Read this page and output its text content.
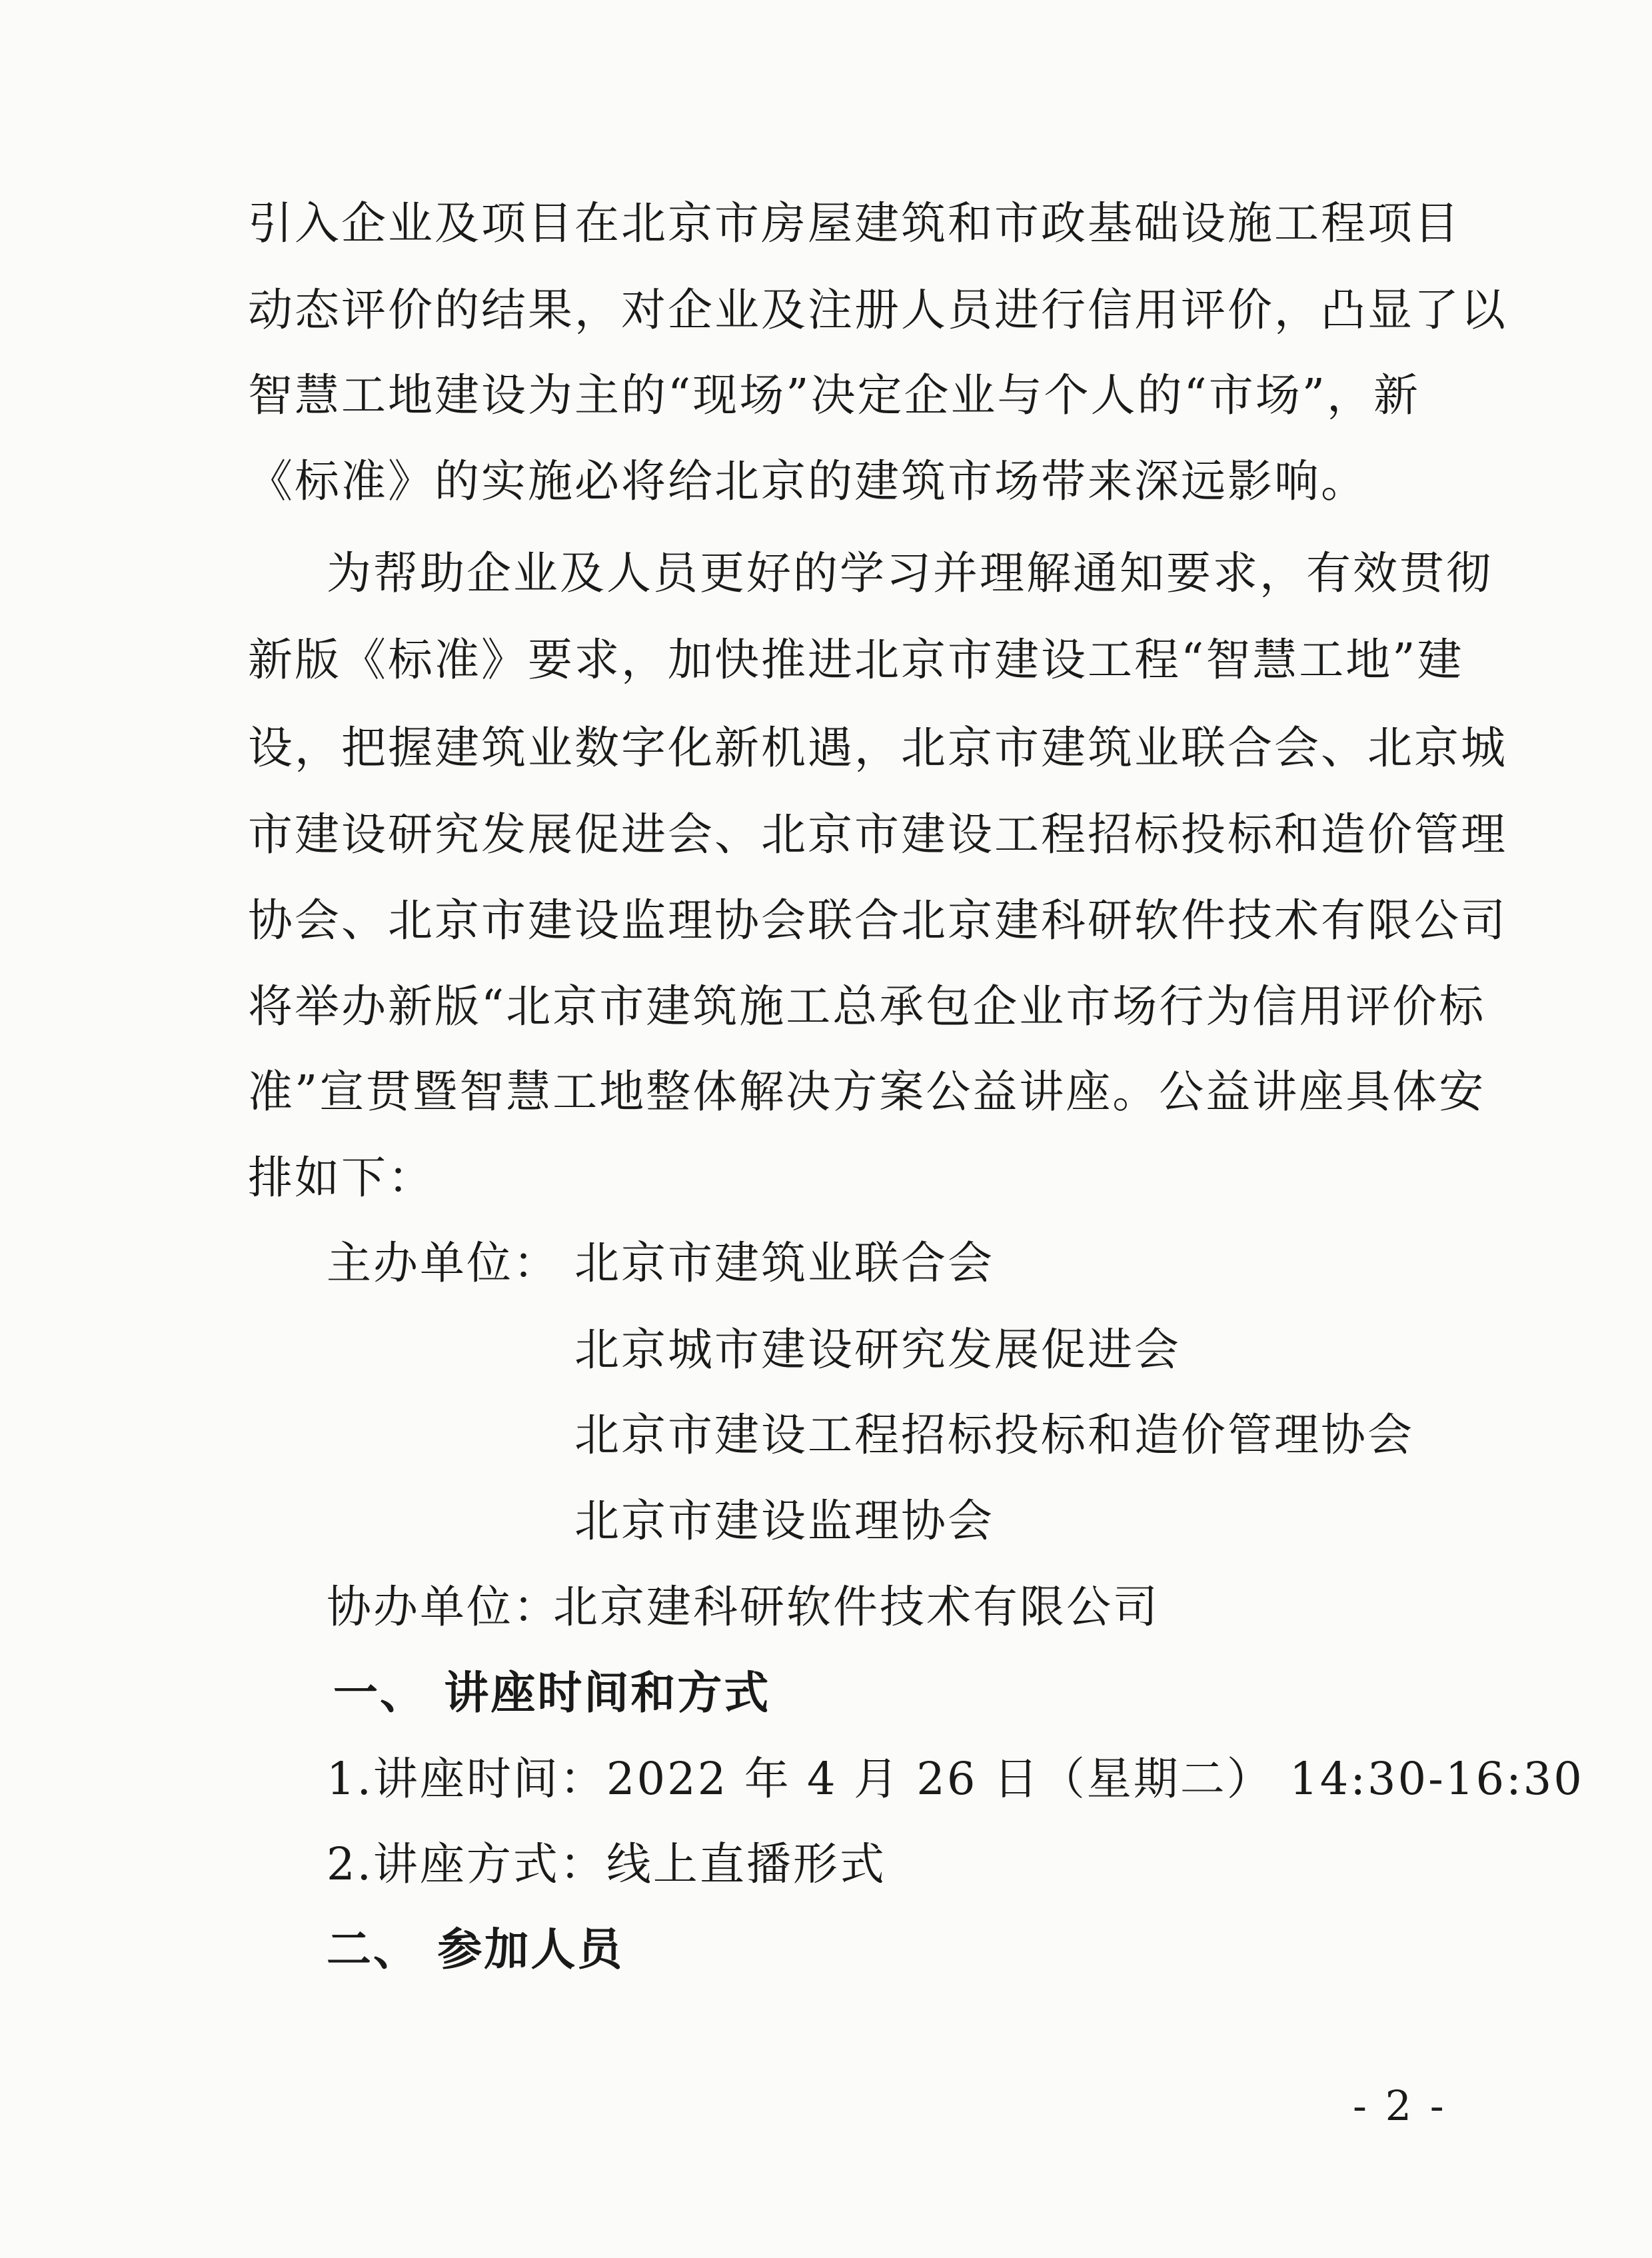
引入企业及项目在北京市房屋建筑和市政基础设施工程项目
动态评价的结果，对企业及注册人员进行信用评价，凸显了以
智慧工地建设为主的“现场”决定企业与个人的“市场”，新
《标准》的实施必将给北京的建筑市场带来深远影响。
为帮助企业及人员更好的学习并理解通知要求，有效贯彻
新版《标准》要求，加快推进北京市建设工程“智慧工地”建
设，把握建筑业数字化新机遇，北京市建筑业联合会、北京城
市建设研究发展促进会、北京市建设工程招标投标和造价管理
协会、北京市建设监理协会联合北京建科研软件技术有限公司
将举办新版“北京市建筑施工总承包企业市场行为信用评价标
准”宣贯暨智慧工地整体解决方案公益讲座。公益讲座具体安
排如下：
主办单位： 北京市建筑业联合会
北京城市建设研究发展促进会
北京市建设工程招标投标和造价管理协会
北京市建设监理协会
协办单位：
北京建科研软件技术有限公司
一、 讲座时间和方式
1.讲座时间：2022 年 4 月 26 日（星期二） 14:30-16:30
2.讲座方式：线上直播形式
二、 参加人员
- 2 -
